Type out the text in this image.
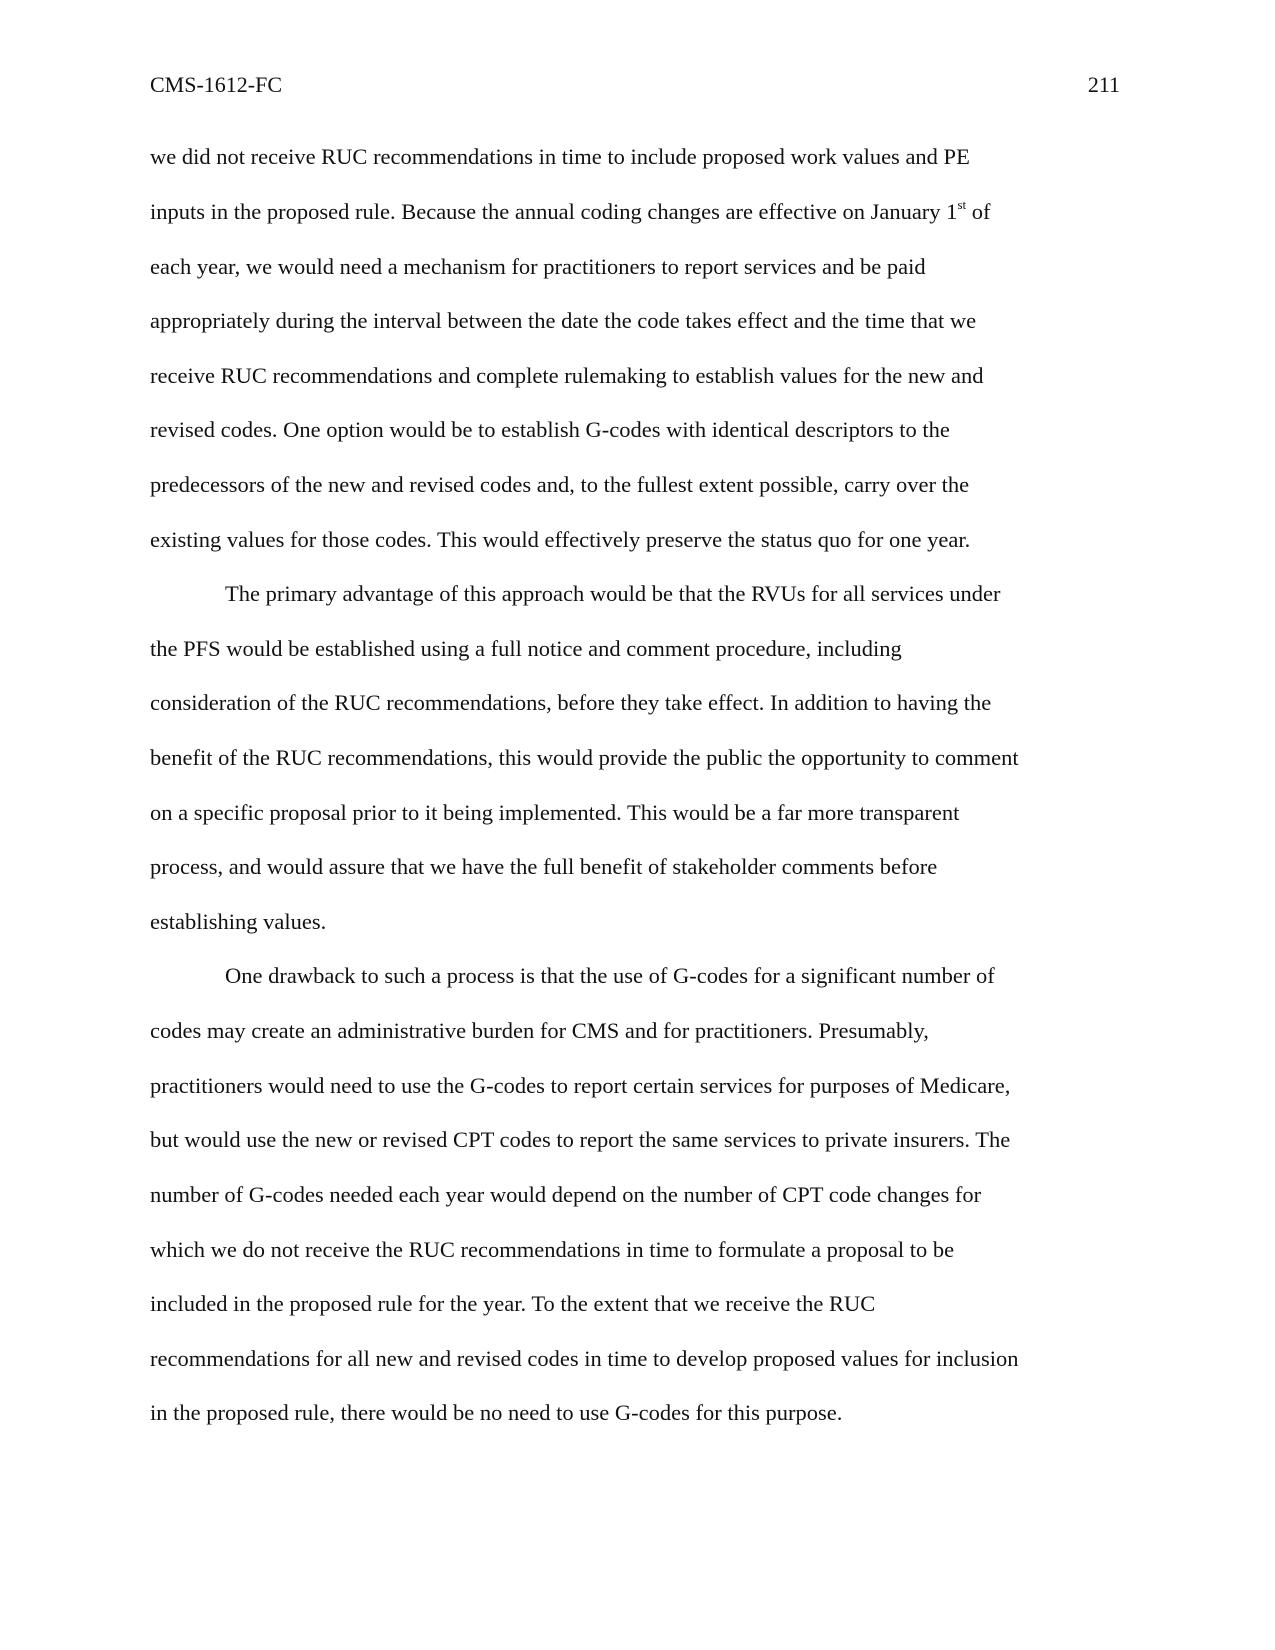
CMS-1612-FC	211
we did not receive RUC recommendations in time to include proposed work values and PE
inputs in the proposed rule. Because the annual coding changes are effective on January 1st of
each year, we would need a mechanism for practitioners to report services and be paid
appropriately during the interval between the date the code takes effect and the time that we
receive RUC recommendations and complete rulemaking to establish values for the new and
revised codes. One option would be to establish G-codes with identical descriptors to the
predecessors of the new and revised codes and, to the fullest extent possible, carry over the
existing values for those codes. This would effectively preserve the status quo for one year.
The primary advantage of this approach would be that the RVUs for all services under
the PFS would be established using a full notice and comment procedure, including
consideration of the RUC recommendations, before they take effect. In addition to having the
benefit of the RUC recommendations, this would provide the public the opportunity to comment
on a specific proposal prior to it being implemented. This would be a far more transparent
process, and would assure that we have the full benefit of stakeholder comments before
establishing values.
One drawback to such a process is that the use of G-codes for a significant number of
codes may create an administrative burden for CMS and for practitioners. Presumably,
practitioners would need to use the G-codes to report certain services for purposes of Medicare,
but would use the new or revised CPT codes to report the same services to private insurers. The
number of G-codes needed each year would depend on the number of CPT code changes for
which we do not receive the RUC recommendations in time to formulate a proposal to be
included in the proposed rule for the year. To the extent that we receive the RUC
recommendations for all new and revised codes in time to develop proposed values for inclusion
in the proposed rule, there would be no need to use G-codes for this purpose.
